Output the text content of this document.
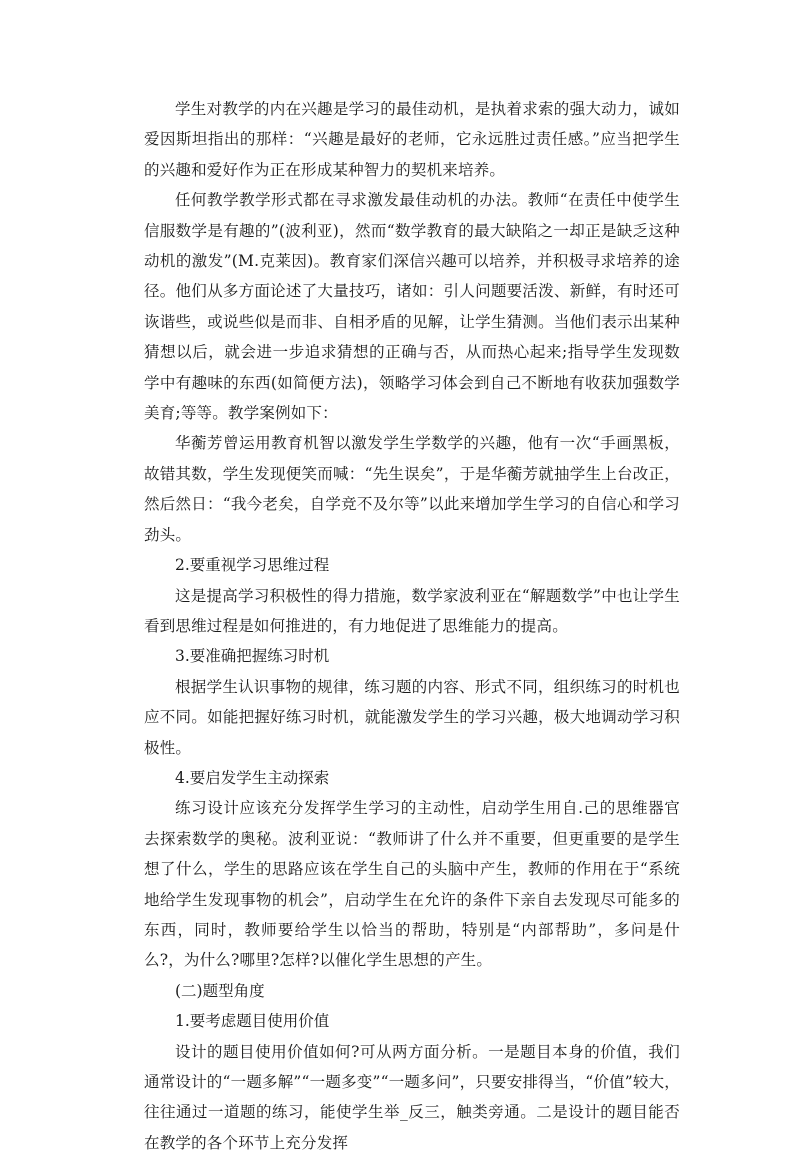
学生对教学的内在兴趣是学习的最佳动机，是执着求索的强大动力，诚如爱因斯坦指出的那样：“兴趣是最好的老师，它永远胜过责任感。”应当把学生的兴趣和爱好作为正在形成某种智力的契机来培养。

任何教学教学形式都在寻求激发最佳动机的办法。教师“在责任中使学生信服数学是有趣的”(波利亚)，然而“数学教育的最大缺陷之一却正是缺乏这种动机的激发”(M.克莱因)。教育家们深信兴趣可以培养，并积极寻求培养的途径。他们从多方面论述了大量技巧，诸如：引人问题要活泼、新鲜，有时还可诙谐些，或说些似是而非、自相矛盾的见解，让学生猜测。当他们表示出某种猜想以后，就会进一步追求猜想的正确与否，从而热心起来;指导学生发现数学中有趣味的东西(如简便方法)，领略学习体会到自己不断地有收获加强数学美育;等等。教学案例如下：

华蘅芳曾运用教育机智以激发学生学数学的兴趣，他有一次“手画黑板，故错其数，学生发现便笑而喊：“先生误矣”，于是华蘅芳就抽学生上台改正，然后然日：“我今老矣，自学竞不及尔等”以此来增加学生学习的自信心和学习劲头。

2.要重视学习思维过程

这是提高学习积极性的得力措施，数学家波利亚在“解题数学”中也让学生看到思维过程是如何推进的，有力地促进了思维能力的提高。

3.要准确把握练习时机

根据学生认识事物的规律，练习题的内容、形式不同，组织练习的时机也应不同。如能把握好练习时机，就能激发学生的学习兴趣，极大地调动学习积极性。

4.要启发学生主动探索

练习设计应该充分发挥学生学习的主动性，启动学生用自.己的思维器官去探索数学的奥秘。波利亚说：“教师讲了什么并不重要，但更重要的是学生想了什么，学生的思路应该在学生自己的头脑中产生，教师的作用在于“系统地给学生发现事物的机会”，启动学生在允许的条件下亲自去发现尽可能多的东西，同时，教师要给学生以恰当的帮助，特别是“内部帮助”，多问是什么?，为什么?哪里?怎样?以催化学生思想的产生。

(二)题型角度

1.要考虑题目使用价值

设计的题目使用价值如何?可从两方面分析。一是题目本身的价值，我们通常设计的“一题多解”“一题多变”“一题多问”，只要安排得当，“价值”较大，往往通过一道题的练习，能使学生举_反三，触类旁通。二是设计的题目能否在教学的各个环节上充分发挥
